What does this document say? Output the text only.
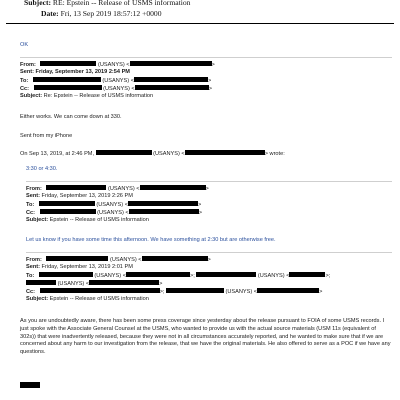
Subject: RE: Epstein -- Release of USMS information
Date: Fri, 13 Sep 2019 18:57:12 +0000
OK
From:	(USANYS) <	>
Sent: Friday, September 13, 2019 2:54 PM
To:	(USANYS) <	>
Cc:	(USANYS) <	>
Subject: Re: Epstein -- Release of USMS information
Either works. We can come down at 330.
Sent from my iPhone
On Sep 13, 2019, at 2:46 PM,	(USANYS) <	> wrote:
3:30 or 4:30.
From:	(USANYS) <	>
Sent: Friday, September 13, 2019 2:26 PM
To:	(USANYS) <	>
Cc:	(USANYS) <	>
Subject: Epstein -- Release of USMS information
Let us know if you have some time this afternoon. We have something at 2:30 but are otherwise free.
From:	(USANYS) <	>
Sent: Friday, September 13, 2019 2:01 PM
To:	(USANYS) <	>;	(USANYS) <	>;
(USANYS) <	>
Cc:	>;	(USANYS) <	>
Subject: Epstein -- Release of USMS information
As you are undoubtedly aware, there has been some press coverage since yesterday about the release pursuant to FOIA of some USMS records. I just spoke with the Associate General Counsel at the USMS, who wanted to provide us with the actual source materials (USM 11s (equivalent of 302s)) that were inadvertently released, because they were not in all circumstances accurately reported, and he wanted to make sure that if we are concerned about any harm to our investigation from the release, that we have the original materials. He also offered to serve as a POC if we have any questions.
